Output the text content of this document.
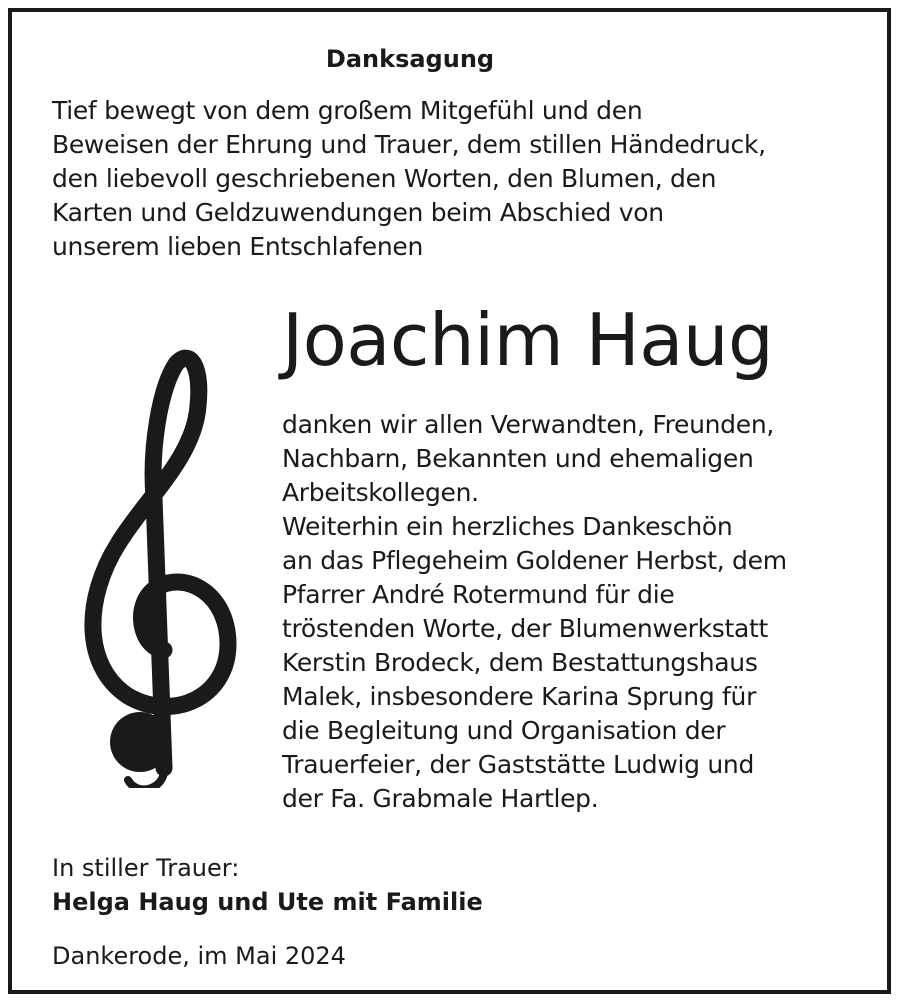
Danksagung
Tief bewegt von dem großem Mitgefühl und den
Beweisen der Ehrung und Trauer, dem stillen Händedruck,
den liebevoll geschriebenen Worten, den Blumen, den
Karten und Geldzuwendungen beim Abschied von
unserem lieben Entschlafenen
Joachim Haug
danken wir allen Verwandten, Freunden,
Nachbarn, Bekannten und ehemaligen
Arbeitskollegen.
Weiterhin ein herzliches Dankeschön
an das Pflegeheim Goldener Herbst, dem
Pfarrer André Rotermund für die
tröstenden Worte, der Blumenwerkstatt
Kerstin Brodeck, dem Bestattungshaus
Malek, insbesondere Karina Sprung für
die Begleitung und Organisation der
Trauerfeier, der Gaststätte Ludwig und
der Fa. Grabmale Hartlep.
In stiller Trauer:
Helga Haug und Ute mit Familie
Dankerode, im Mai 2024
